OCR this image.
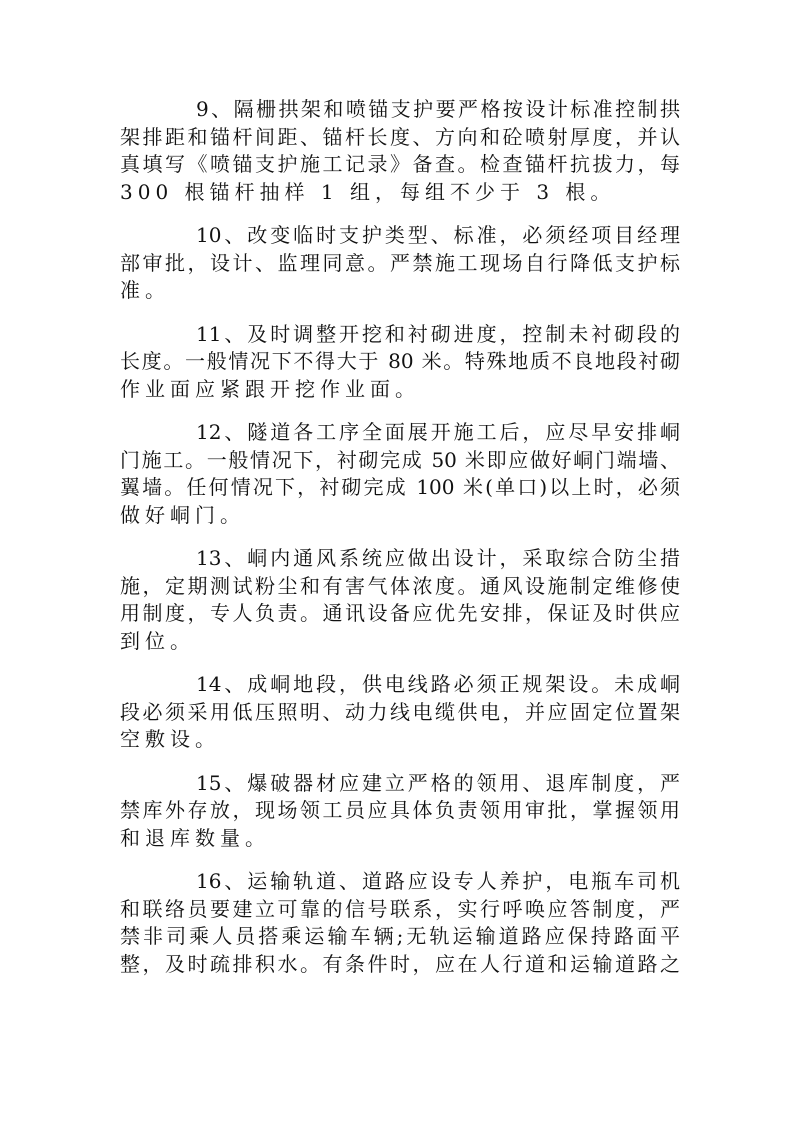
9、隔栅拱架和喷锚支护要严格按设计标准控制拱
架排距和锚杆间距、锚杆长度、方向和砼喷射厚度，并认
真填写《喷锚支护施工记录》备查。检查锚杆抗拔力，每
300 根锚杆抽样 1 组，每组不少于 3 根。
10、改变临时支护类型、标准，必须经项目经理
部审批，设计、监理同意。严禁施工现场自行降低支护标
准。
11、及时调整开挖和衬砌进度，控制未衬砌段的
长度。一般情况下不得大于 80 米。特殊地质不良地段衬砌
作业面应紧跟开挖作业面。
12、隧道各工序全面展开施工后，应尽早安排峒
门施工。一般情况下，衬砌完成 50 米即应做好峒门端墙、
翼墙。任何情况下，衬砌完成 100 米(单口)以上时，必须
做好峒门。
13、峒内通风系统应做出设计，采取综合防尘措
施，定期测试粉尘和有害气体浓度。通风设施制定维修使
用制度，专人负责。通讯设备应优先安排，保证及时供应
到位。
14、成峒地段，供电线路必须正规架设。未成峒
段必须采用低压照明、动力线电缆供电，并应固定位置架
空敷设。
15、爆破器材应建立严格的领用、退库制度，严
禁库外存放，现场领工员应具体负责领用审批，掌握领用
和退库数量。
16、运输轨道、道路应设专人养护，电瓶车司机
和联络员要建立可靠的信号联系，实行呼唤应答制度，严
禁非司乘人员搭乘运输车辆;无轨运输道路应保持路面平
整，及时疏排积水。有条件时，应在人行道和运输道路之
